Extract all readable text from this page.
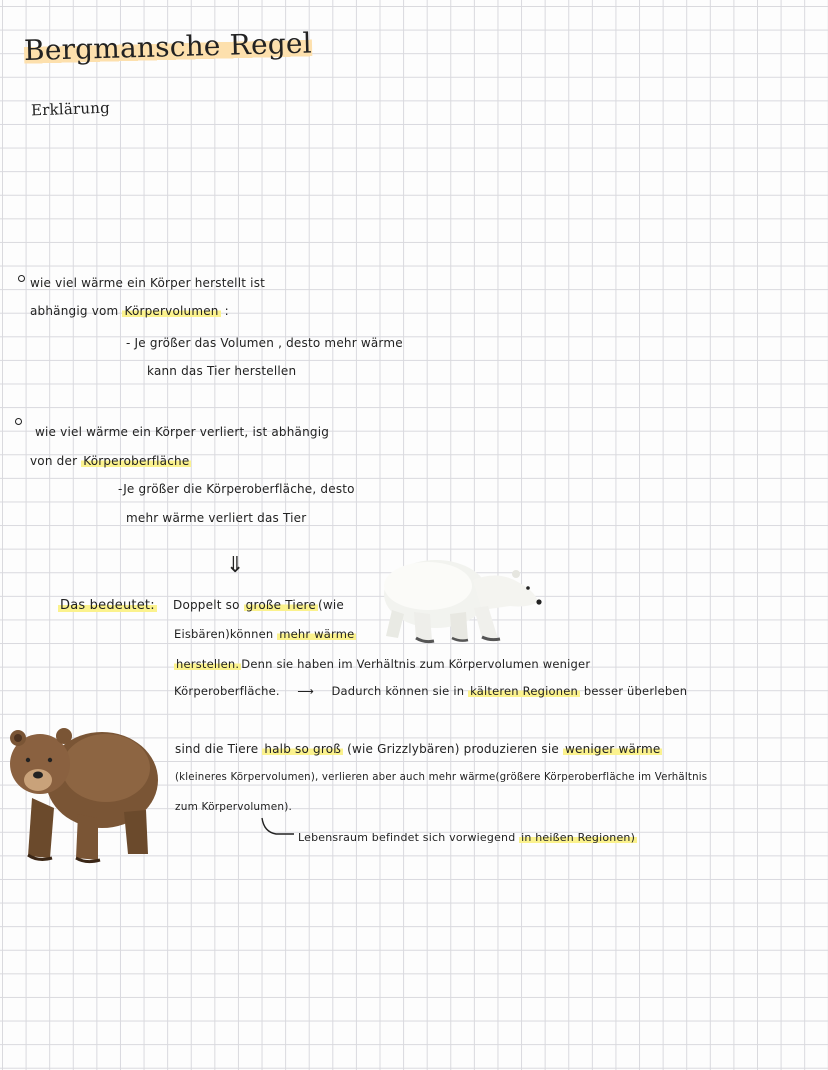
Bergmansche Regel
Erklärung
wie viel wärme ein Körper herstellt ist
abhängig vom Körpervolumen :
- Je größer das Volumen , desto mehr wärme
kann das Tier herstellen
wie viel wärme ein Körper verliert, ist abhängig
von der Körperoberfläche
-Je größer die Körperoberfläche, desto
mehr wärme verliert das Tier
⇓
Das bedeutet: Doppelt so große Tiere (wie
Eisbären)können mehr wärme
herstellen. Denn sie haben im Verhältnis zum Körpervolumen weniger
Körperoberfläche. ⟶ Dadurch können sie in kälteren Regionen besser überleben
sind die Tiere halb so groß (wie Grizzlybären) produzieren sie weniger wärme
(kleineres Körpervolumen), verlieren aber auch mehr wärme(größere Körperoberfläche im Verhältnis
zum Körpervolumen).
Lebensraum befindet sich vorwiegend in heißen Regionen)
